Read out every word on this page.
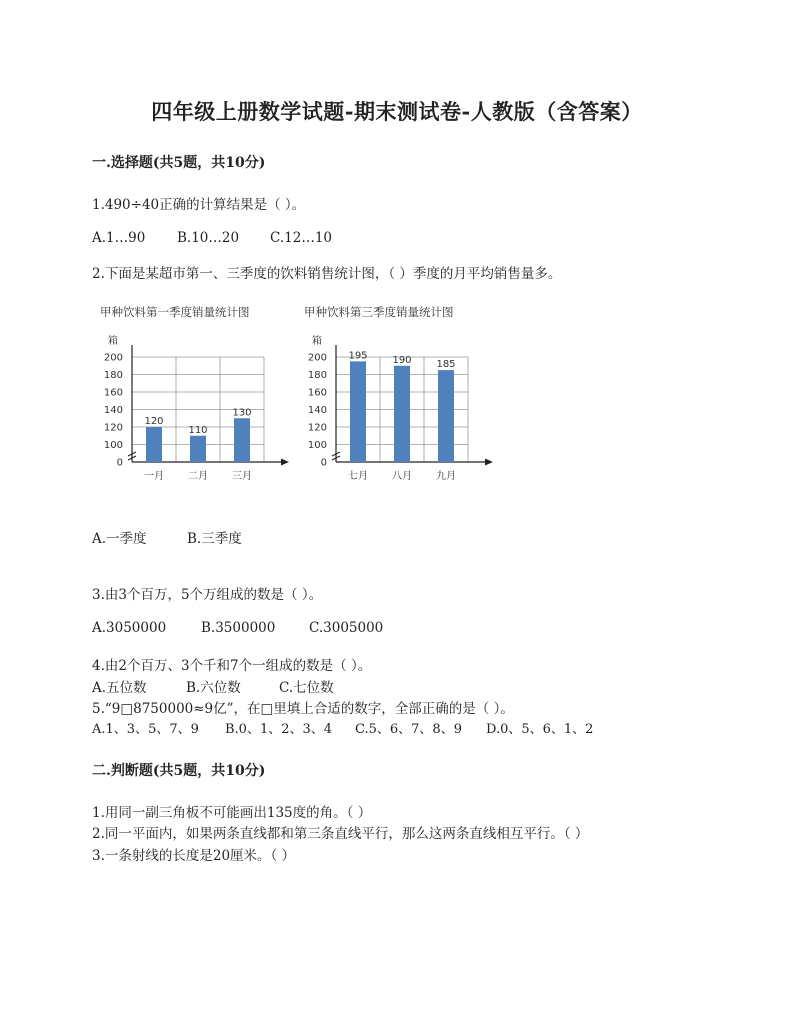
四年级上册数学试题-期末测试卷-人教版（含答案）
一.选择题(共5题，共10分)
1.490÷40正确的计算结果是（ ）。
A.1…90	B.10…20	C.12…10
2.下面是某超市第一、三季度的饮料销售统计图，（ ）季度的月平均销售量多。
甲种饮料第一季度销量统计图
箱
0
100
120
140
160
180
200
120
一月
110
二月
130
三月
甲种饮料第三季度销量统计图
箱
0
100
120
140
160
180
200 195
七月
190
八月
185
九月
A.一季度	B.三季度
3.由3个百万，5个万组成的数是（ ）。
A.3050000	B.3500000	C.3005000
4.由2个百万、3个千和7个一组成的数是（ ）。
A.五位数	B.六位数	C.七位数
5.“9□8750000≈9亿”，在□里填上合适的数字，全部正确的是（ ）。
A.1、3、5、7、9	B.0、1、2、3、4	C.5、6、7、8、9	D.0、5、6、1、2
二.判断题(共5题，共10分)
1.用同一副三角板不可能画出135度的角。（ ）
2.同一平面内，如果两条直线都和第三条直线平行，那么这两条直线相互平行。（ ）
3.一条射线的长度是20厘米。（ ）
